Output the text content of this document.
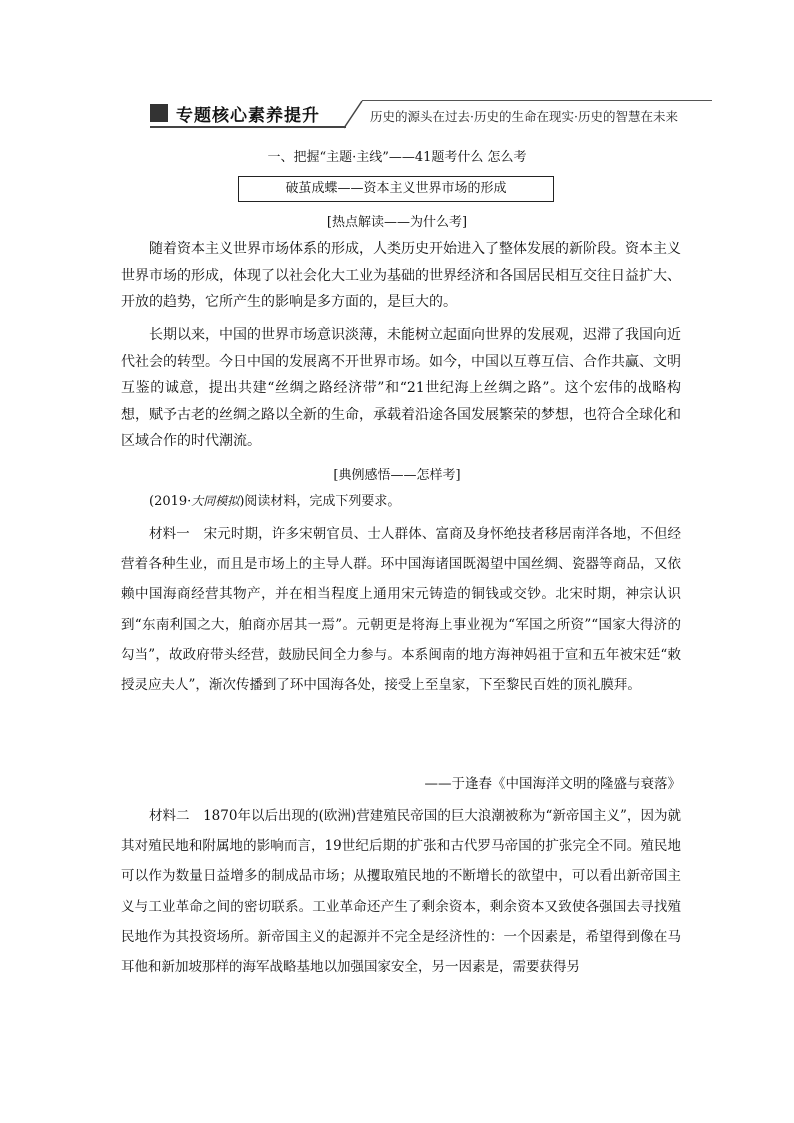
专题核心素养提升	历史的源头在过去·历史的生命在现实·历史的智慧在未来
一、把握“主题·主线”——41题考什么 怎么考
破茧成蝶——资本主义世界市场的形成
[热点解读——为什么考]

随着资本主义世界市场体系的形成，人类历史开始进入了整体发展的新阶段。资本主义世界市场的形成，体现了以社会化大工业为基础的世界经济和各国居民相互交往日益扩大、开放的趋势，它所产生的影响是多方面的，是巨大的。

长期以来，中国的世界市场意识淡薄，未能树立起面向世界的发展观，迟滞了我国向近代社会的转型。今日中国的发展离不开世界市场。如今，中国以互尊互信、合作共赢、文明互鉴的诚意，提出共建“丝绸之路经济带”和“21世纪海上丝绸之路”。这个宏伟的战略构想，赋予古老的丝绸之路以全新的生命，承载着沿途各国发展繁荣的梦想，也符合全球化和区域合作的时代潮流。

[典例感悟——怎样考]
(2019·大同模拟)阅读材料，完成下列要求。

材料一　宋元时期，许多宋朝官员、士人群体、富商及身怀绝技者移居南洋各地，不但经营着各种生业，而且是市场上的主导人群。环中国海诸国既渴望中国丝绸、瓷器等商品，又依赖中国海商经营其物产，并在相当程度上通用宋元铸造的铜钱或交钞。北宋时期，神宗认识到“东南利国之大，舶商亦居其一焉”。元朝更是将海上事业视为“军国之所资”“国家大得济的勾当”，故政府带头经营，鼓励民间全力参与。本系闽南的地方海神妈祖于宣和五年被宋廷“敕授灵应夫人”，渐次传播到了环中国海各处，接受上至皇家，下至黎民百姓的顶礼膜拜。

——于逢春《中国海洋文明的隆盛与衰落》

材料二　1870年以后出现的(欧洲)营建殖民帝国的巨大浪潮被称为“新帝国主义”，因为就其对殖民地和附属地的影响而言，19世纪后期的扩张和古代罗马帝国的扩张完全不同。殖民地可以作为数量日益增多的制成品市场；从攫取殖民地的不断增长的欲望中，可以看出新帝国主义与工业革命之间的密切联系。工业革命还产生了剩余资本，剩余资本又致使各强国去寻找殖民地作为其投资场所。新帝国主义的起源并不完全是经济性的：一个因素是，希望得到像在马耳他和新加坡那样的海军战略基地以加强国家安全，另一因素是，需要获得另
